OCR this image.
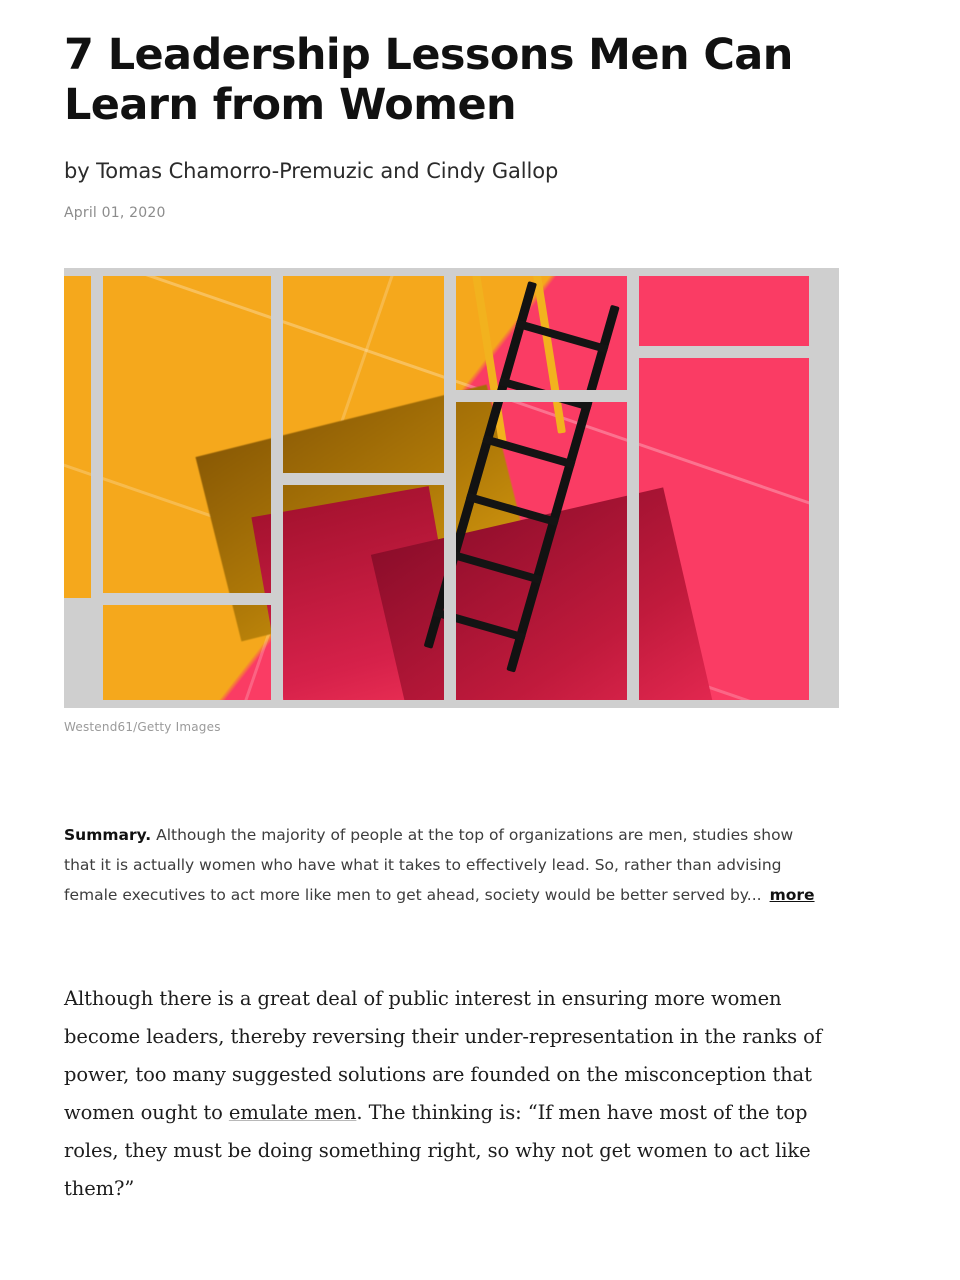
7 Leadership Lessons Men Can Learn from Women
by Tomas Chamorro-Premuzic and Cindy Gallop
April 01, 2020
Westend61/Getty Images
Summary. Although the majority of people at the top of organizations are men, studies show that it is actually women who have what it takes to effectively lead. So, rather than advising female executives to act more like men to get ahead, society would be better served by... more

Although there is a great deal of public interest in ensuring more women become leaders, thereby reversing their under-representation in the ranks of power, too many suggested solutions are founded on the misconception that women ought to emulate men. The thinking is: “If men have most of the top roles, they must be doing something right, so why not get women to act like them?”
